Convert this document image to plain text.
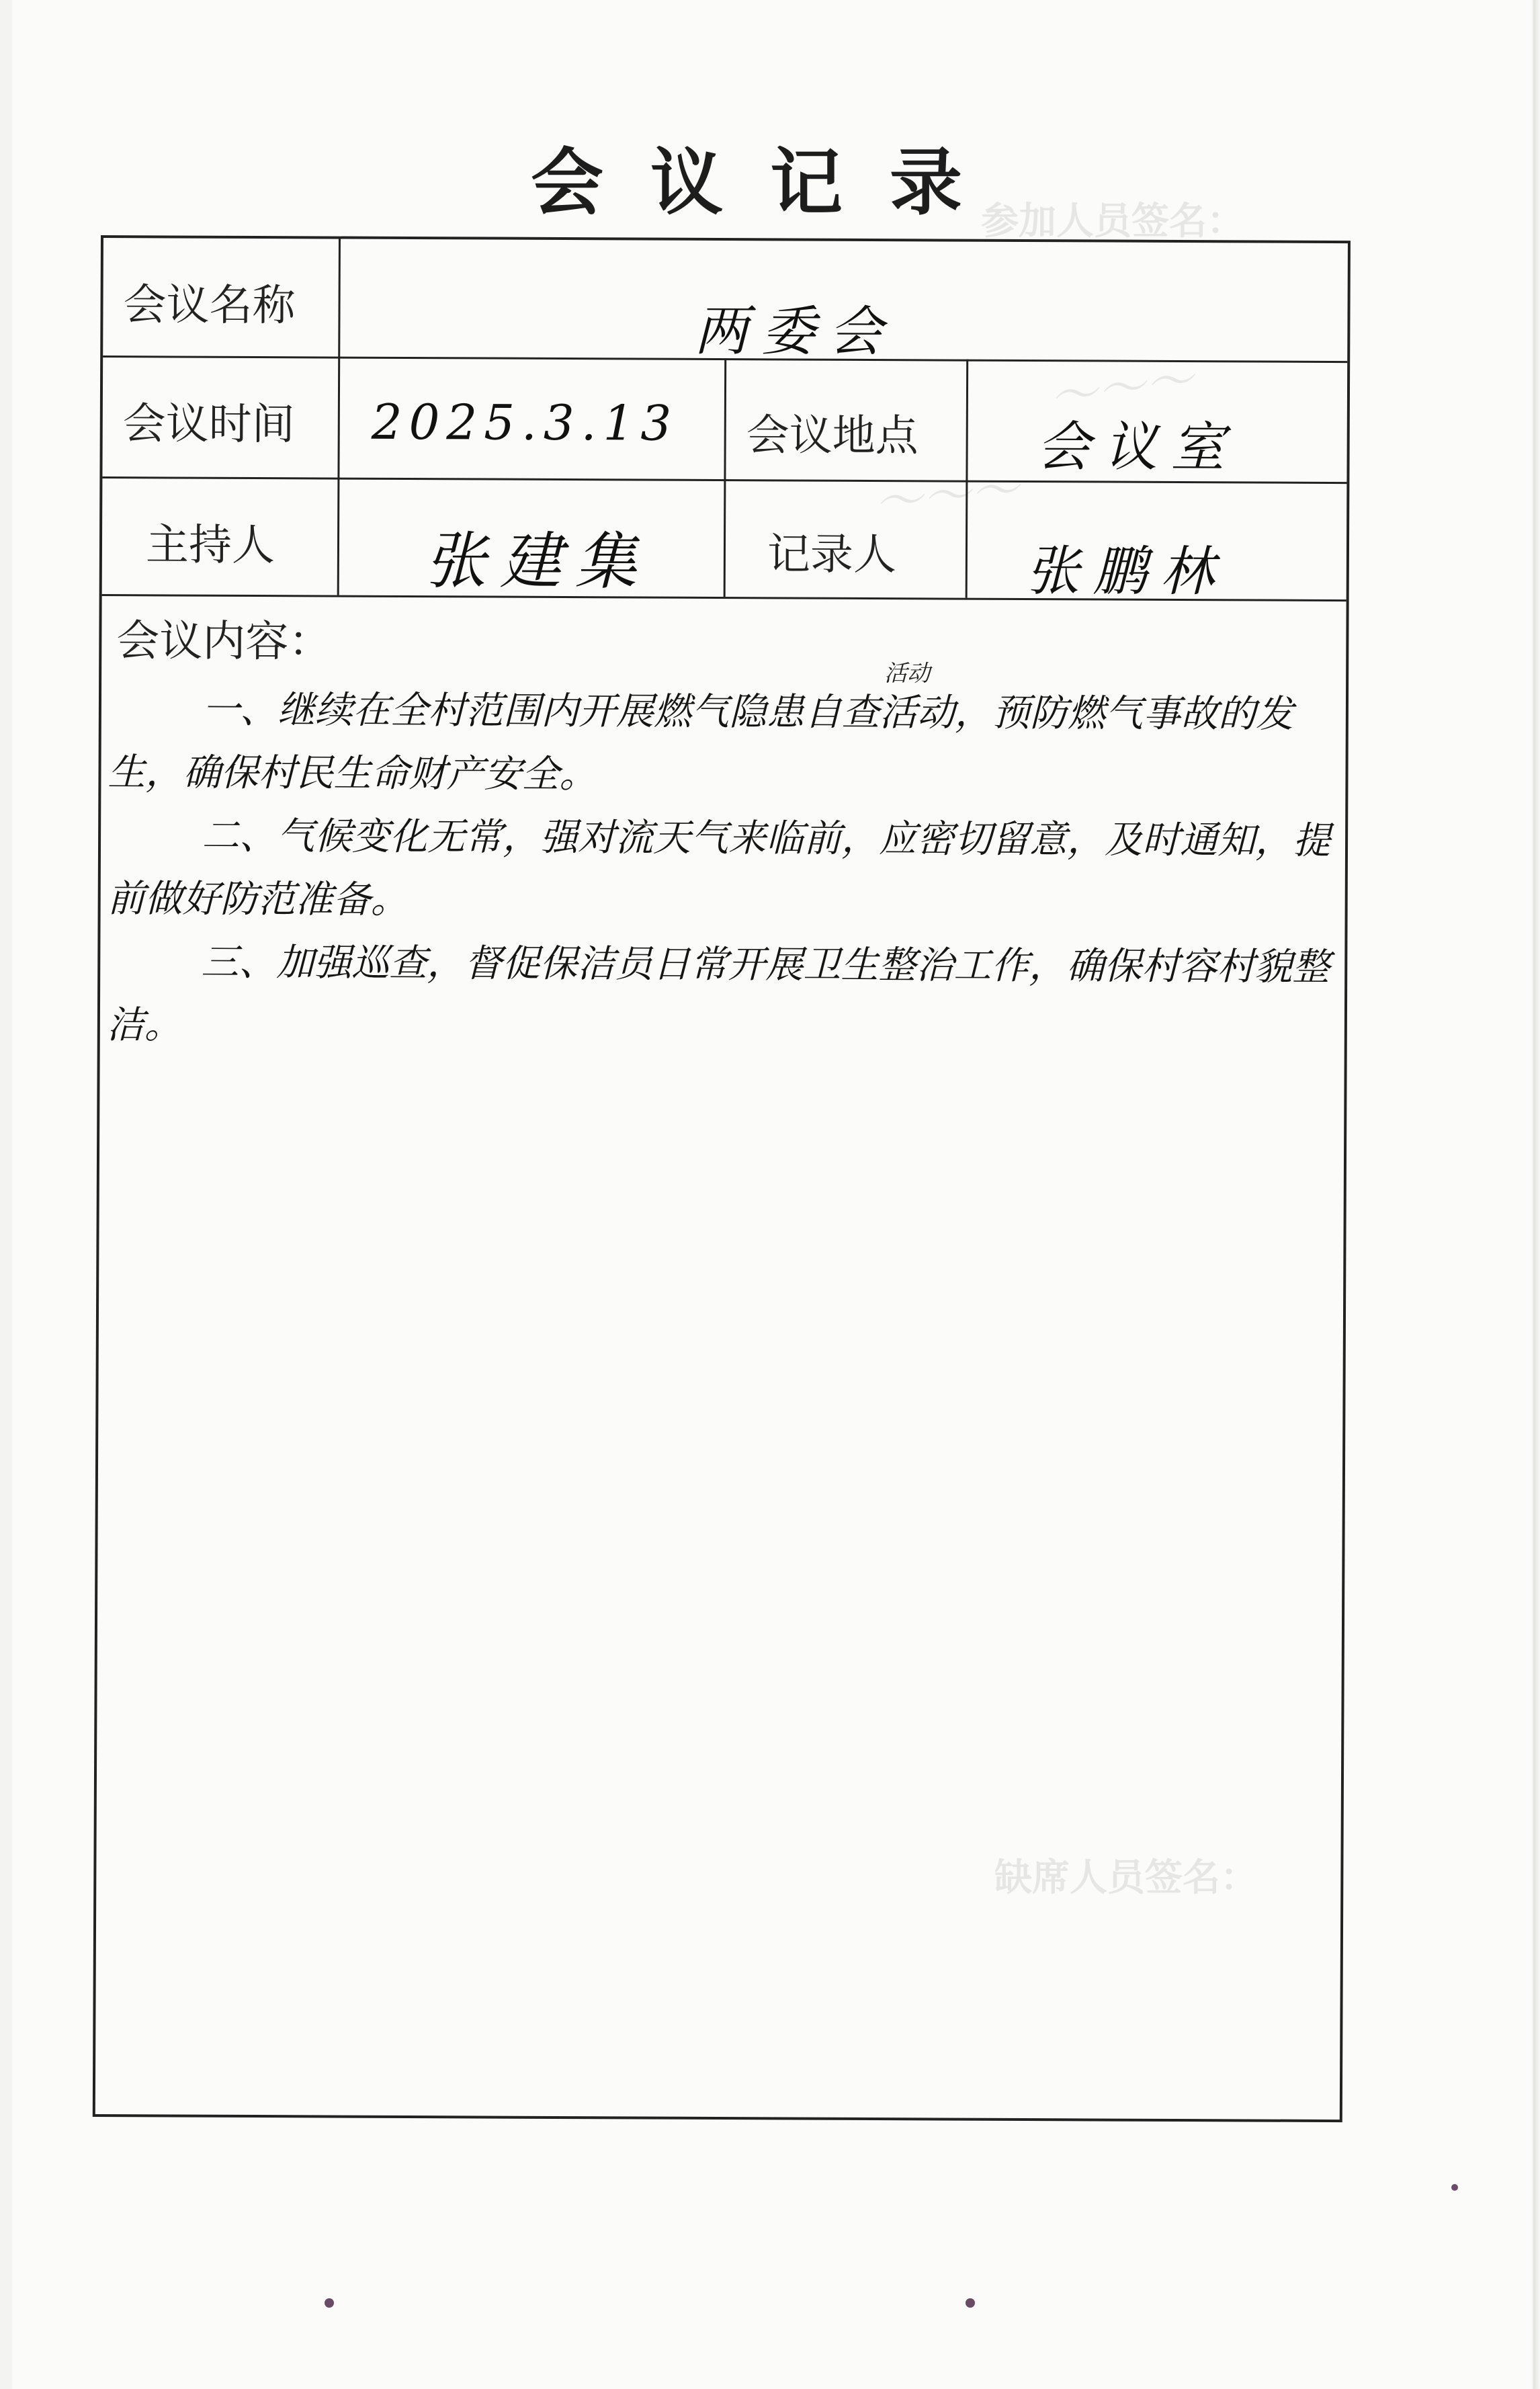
参加人员签名：
缺席人员签名：
～～～
～～～
会议记录
会议名称	两委会
会议时间 2025.3.13 会议地点 会议室
主持人 张建集	记录人 张鹏林
会议内容：
活动
一、继续在全村范围内开展燃气隐患自查活动，预防燃气事故的发生，确保村民生命财产安全。
二、气候变化无常，强对流天气来临前，应密切留意，及时通知，提前做好防范准备。
三、加强巡查，督促保洁员日常开展卫生整治工作，确保村容村貌整洁。
